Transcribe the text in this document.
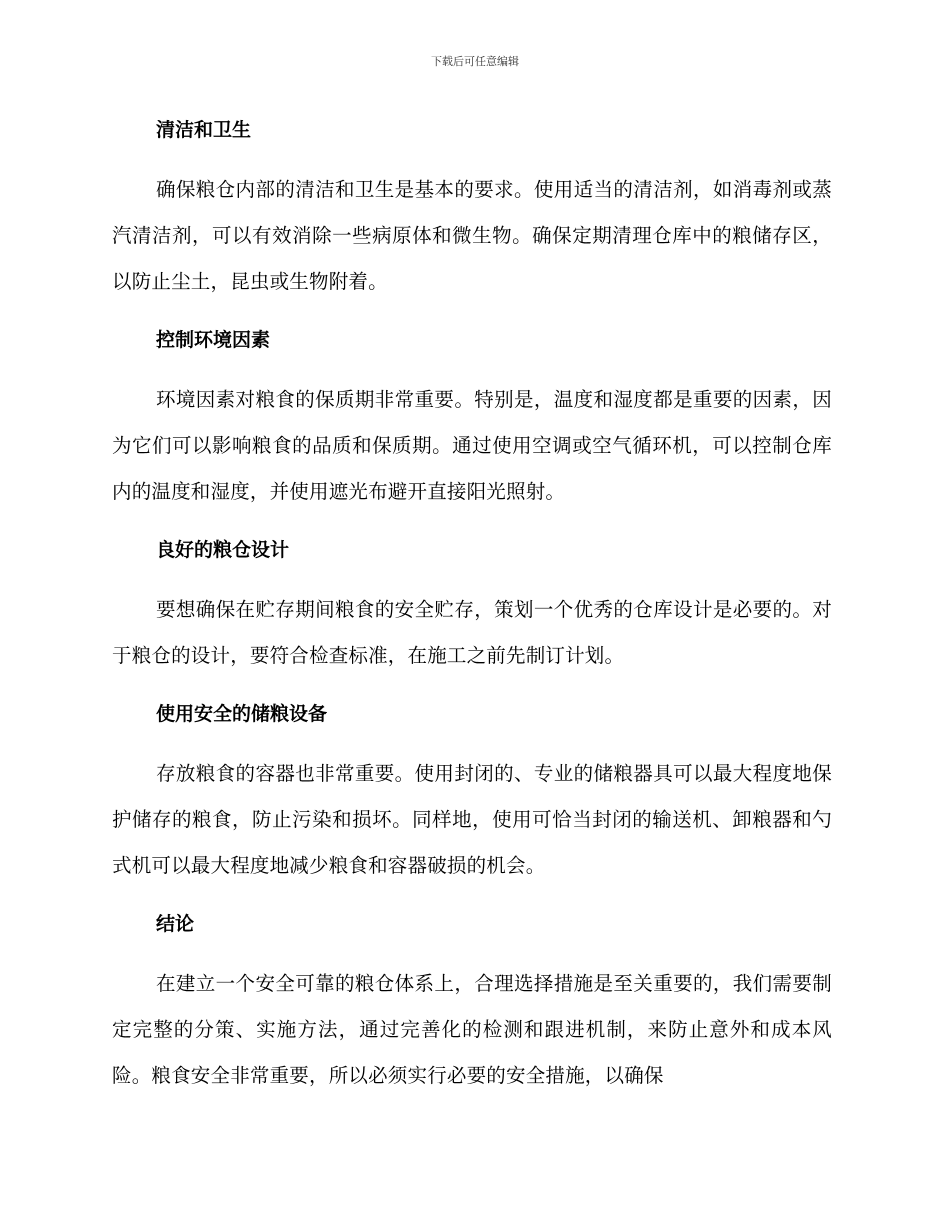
下载后可任意编辑
清洁和卫生

确保粮仓内部的清洁和卫生是基本的要求。使用适当的清洁剂，如消毒剂或蒸汽清洁剂，可以有效消除一些病原体和微生物。确保定期清理仓库中的粮储存区，以防止尘土，昆虫或生物附着。

控制环境因素

环境因素对粮食的保质期非常重要。特别是，温度和湿度都是重要的因素，因为它们可以影响粮食的品质和保质期。通过使用空调或空气循环机，可以控制仓库内的温度和湿度，并使用遮光布避开直接阳光照射。

良好的粮仓设计

要想确保在贮存期间粮食的安全贮存，策划一个优秀的仓库设计是必要的。对于粮仓的设计，要符合检查标准，在施工之前先制订计划。

使用安全的储粮设备

存放粮食的容器也非常重要。使用封闭的、专业的储粮器具可以最大程度地保护储存的粮食，防止污染和损坏。同样地，使用可恰当封闭的输送机、卸粮器和勺式机可以最大程度地减少粮食和容器破损的机会。

结论

在建立一个安全可靠的粮仓体系上，合理选择措施是至关重要的，我们需要制定完整的分策、实施方法，通过完善化的检测和跟进机制，来防止意外和成本风险。粮食安全非常重要，所以必须实行必要的安全措施，以确保
